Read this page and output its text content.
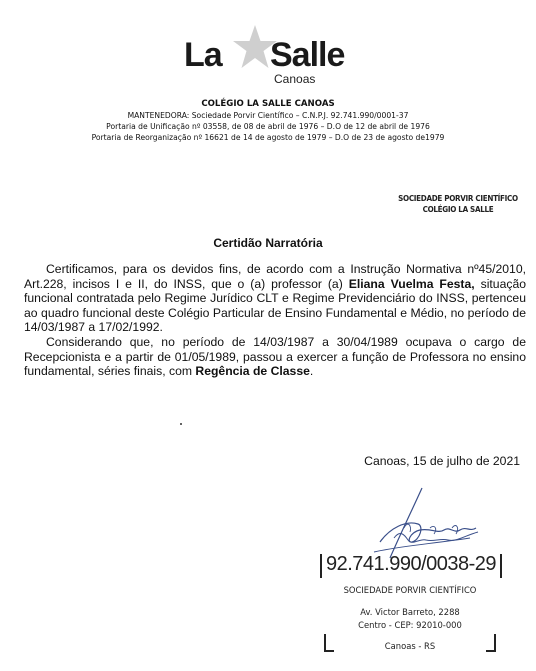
La Salle
Canoas
COLÉGIO LA SALLE CANOAS
MANTENEDORA: Sociedade Porvir Científico – C.N.P.J. 92.741.990/0001-37
Portaria de Unificação nº 03558, de 08 de abril de 1976 – D.O de 12 de abril de 1976
Portaria de Reorganização nº 16621 de 14 de agosto de 1979 – D.O de 23 de agosto de1979
SOCIEDADE PORVIR CIENTÍFICO
COLÉGIO LA SALLE
Certidão Narratória

Certificamos, para os devidos fins, de acordo com a Instrução Normativa nº45/2010, Art.228, incisos I e II, do INSS, que o (a) professor (a) Eliana Vuelma Festa, situação funcional contratada pelo Regime Jurídico CLT e Regime Previdenciário do INSS, pertenceu ao quadro funcional deste Colégio Particular de Ensino Fundamental e Médio, no período de 14/03/1987 a 17/02/1992.

Considerando que, no período de 14/03/1987 a 30/04/1989 ocupava o cargo de Recepcionista e a partir de 01/05/1989, passou a exercer a função de Professora no ensino fundamental, séries finais, com Regência de Classe.

Canoas, 15 de julho de 2021
92.741.990/0038-29
SOCIEDADE PORVIR CIENTÍFICO
Av. Victor Barreto, 2288
Centro - CEP: 92010-000
Canoas - RS
